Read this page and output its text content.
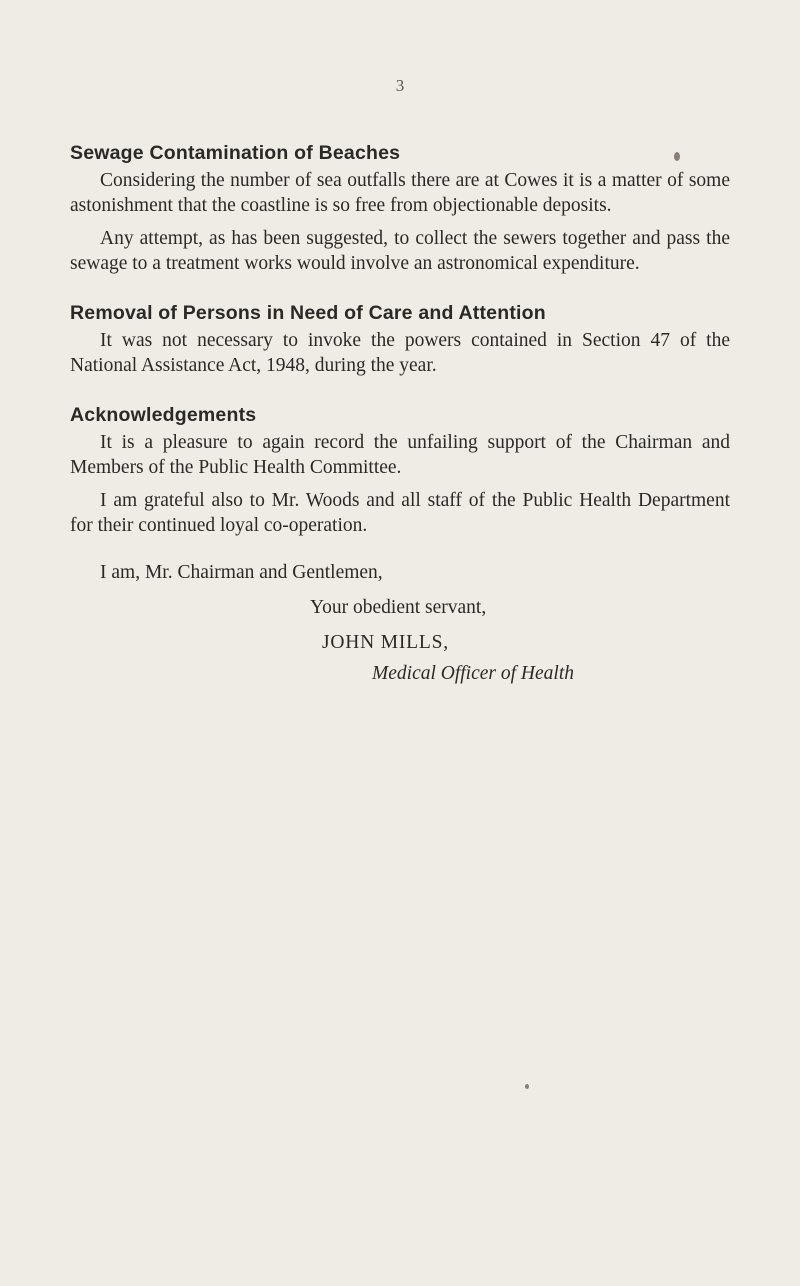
3
Sewage Contamination of Beaches

Considering the number of sea outfalls there are at Cowes it is a matter of some astonishment that the coastline is so free from objectionable deposits.

Any attempt, as has been suggested, to collect the sewers together and pass the sewage to a treatment works would involve an astronomical expenditure.

Removal of Persons in Need of Care and Attention

It was not necessary to invoke the powers contained in Section 47 of the National Assistance Act, 1948, during the year.

Acknowledgements

It is a pleasure to again record the unfailing support of the Chairman and Members of the Public Health Committee.

I am grateful also to Mr. Woods and all staff of the Public Health Department for their continued loyal co-operation.

I am, Mr. Chairman and Gentlemen,

Your obedient servant,

JOHN MILLS,

Medical Officer of Health
